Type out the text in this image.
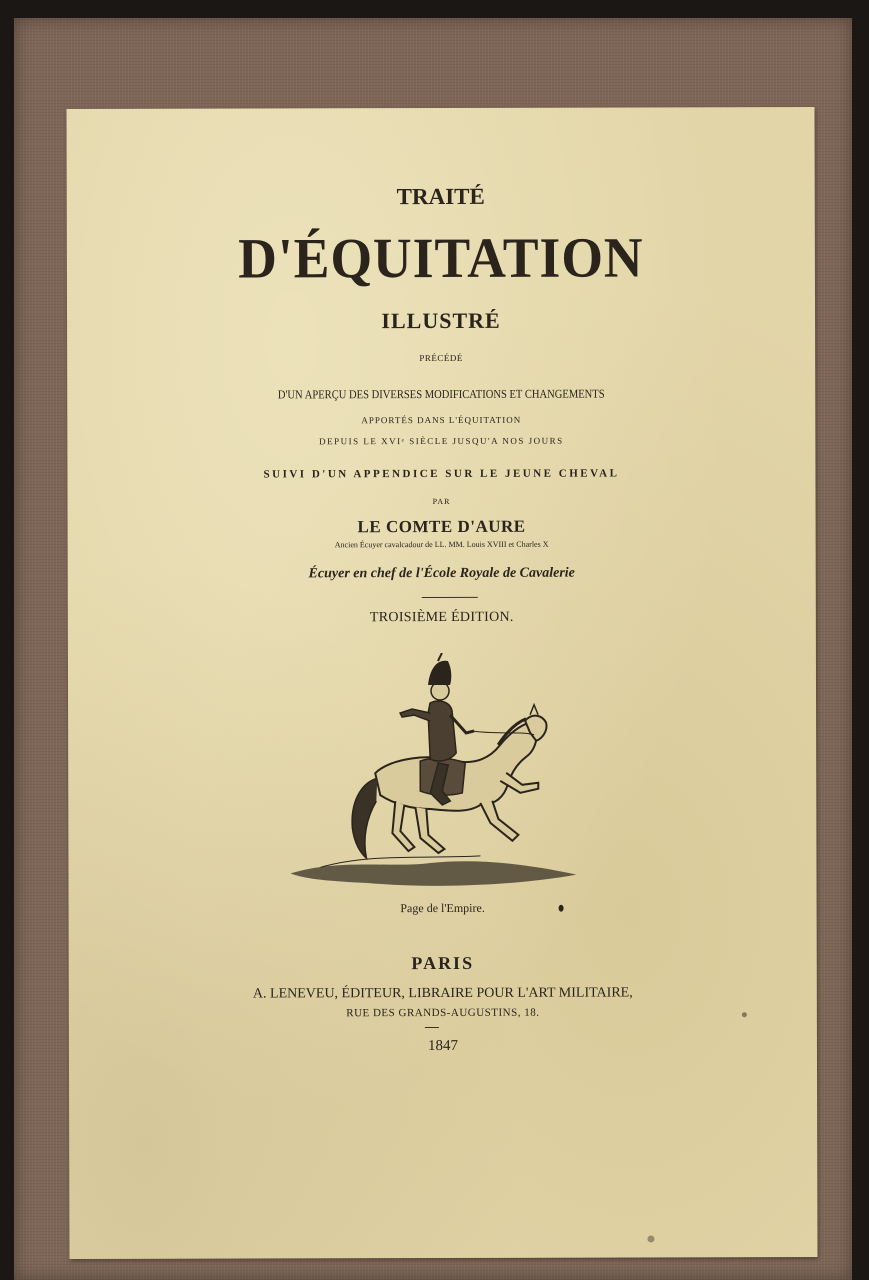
TRAITÉ
D'ÉQUITATION
ILLUSTRÉ
PRÉCÉDÉ
D'UN APERÇU DES DIVERSES MODIFICATIONS ET CHANGEMENTS
APPORTÉS DANS L'ÉQUITATION
DEPUIS LE XVIᵉ SIÈCLE JUSQU'A NOS JOURS
SUIVI D'UN APPENDICE SUR LE JEUNE CHEVAL
PAR
LE COMTE D'AURE
Ancien Écuyer cavalcadour de LL. MM. Louis XVIII et Charles X
Écuyer en chef de l'École Royale de Cavalerie
TROISIÈME ÉDITION.
Page de l'Empire.
PARIS
A. LENEVEU, ÉDITEUR, LIBRAIRE POUR L'ART MILITAIRE,
RUE DES GRANDS-AUGUSTINS, 18.
1847
